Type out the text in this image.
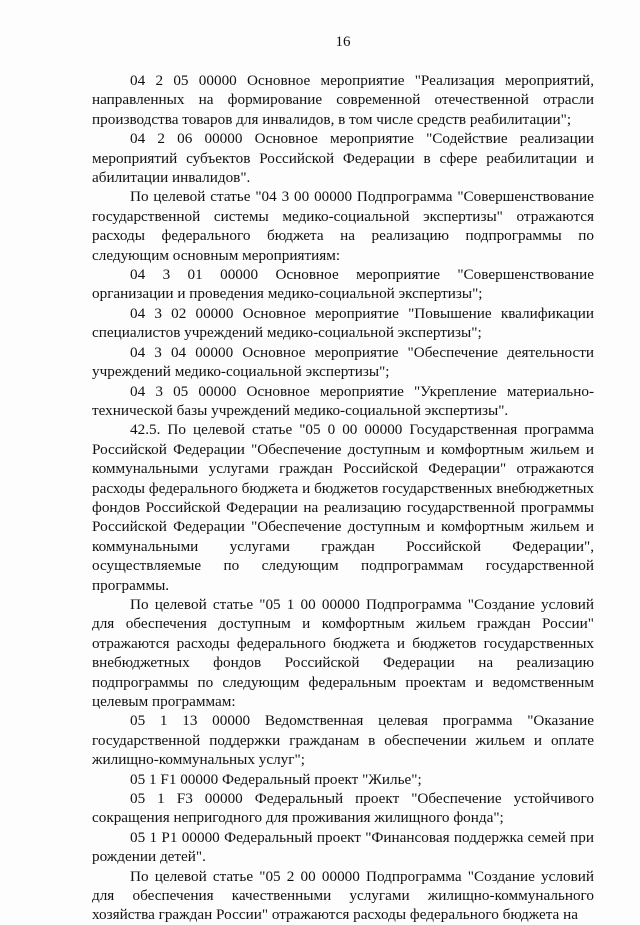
16

04 2 05 00000 Основное мероприятие "Реализация мероприятий, направленных на формирование современной отечественной отрасли производства товаров для инвалидов, в том числе средств реабилитации";

04 2 06 00000 Основное мероприятие "Содействие реализации мероприятий субъектов Российской Федерации в сфере реабилитации и абилитации инвалидов".

По целевой статье "04 3 00 00000 Подпрограмма "Совершенствование государственной системы медико-социальной экспертизы" отражаются расходы федерального бюджета на реализацию подпрограммы по следующим основным мероприятиям:

04 3 01 00000 Основное мероприятие "Совершенствование организации и проведения медико-социальной экспертизы";

04 3 02 00000 Основное мероприятие "Повышение квалификации специалистов учреждений медико-социальной экспертизы";

04 3 04 00000 Основное мероприятие "Обеспечение деятельности учреждений медико-социальной экспертизы";

04 3 05 00000 Основное мероприятие "Укрепление материально-технической базы учреждений медико-социальной экспертизы".

42.5. По целевой статье "05 0 00 00000 Государственная программа Российской Федерации "Обеспечение доступным и комфортным жильем и коммунальными услугами граждан Российской Федерации" отражаются расходы федерального бюджета и бюджетов государственных внебюджетных фондов Российской Федерации на реализацию государственной программы Российской Федерации "Обеспечение доступным и комфортным жильем и коммунальными услугами граждан Российской Федерации", осуществляемые по следующим подпрограммам государственной программы.

По целевой статье "05 1 00 00000 Подпрограмма "Создание условий для обеспечения доступным и комфортным жильем граждан России" отражаются расходы федерального бюджета и бюджетов государственных внебюджетных фондов Российской Федерации на реализацию подпрограммы по следующим федеральным проектам и ведомственным целевым программам:

05 1 13 00000 Ведомственная целевая программа "Оказание государственной поддержки гражданам в обеспечении жильем и оплате жилищно-коммунальных услуг";

05 1 F1 00000 Федеральный проект "Жилье";

05 1 F3 00000 Федеральный проект "Обеспечение устойчивого сокращения непригодного для проживания жилищного фонда";

05 1 P1 00000 Федеральный проект "Финансовая поддержка семей при рождении детей".

По целевой статье "05 2 00 00000 Подпрограмма "Создание условий для обеспечения качественными услугами жилищно-коммунального хозяйства граждан России" отражаются расходы федерального бюджета на
